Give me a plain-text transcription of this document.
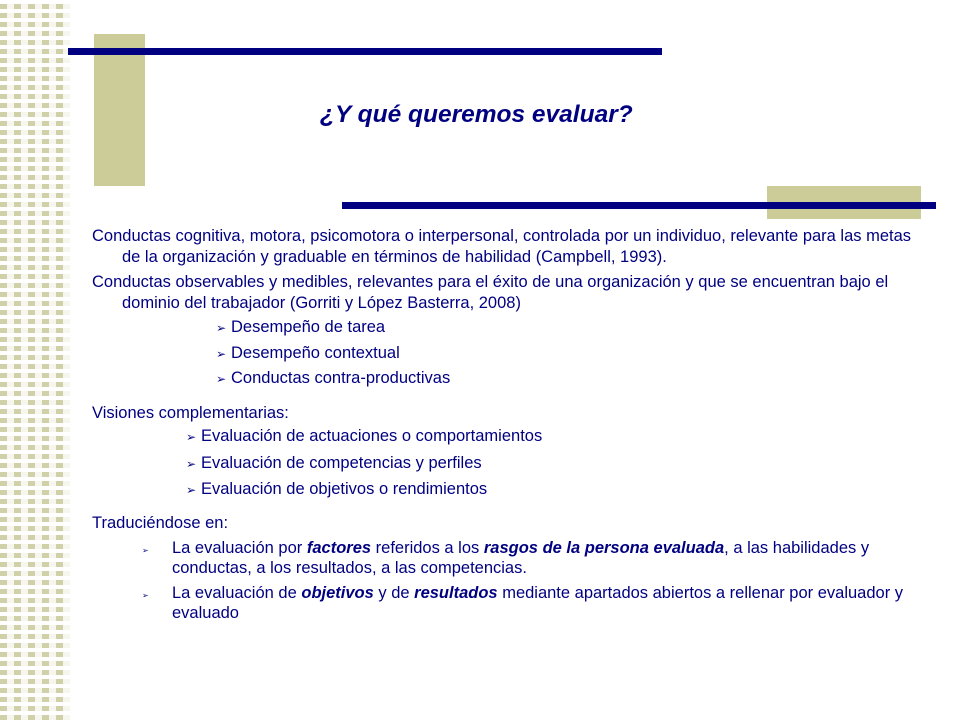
¿Y qué queremos evaluar?

Conductas cognitiva, motora, psicomotora o interpersonal, controlada por un individuo, relevante para las metas de la organización y graduable en términos de habilidad (Campbell, 1993).

Conductas observables y medibles, relevantes para el éxito de una organización y que se encuentran bajo el dominio del trabajador (Gorriti y López Basterra, 2008)

➢ Desempeño de tarea
➢ Desempeño contextual
➢ Conductas contra-productivas

Visiones complementarias:

➢ Evaluación de actuaciones o comportamientos
➢ Evaluación de competencias y perfiles
➢ Evaluación de objetivos o rendimientos

Traduciéndose en:

➢ La evaluación por factores referidos a los rasgos de la persona evaluada, a las habilidades y conductas, a los resultados, a las competencias.
➢ La evaluación de objetivos y de resultados mediante apartados abiertos a rellenar por evaluador y evaluado
